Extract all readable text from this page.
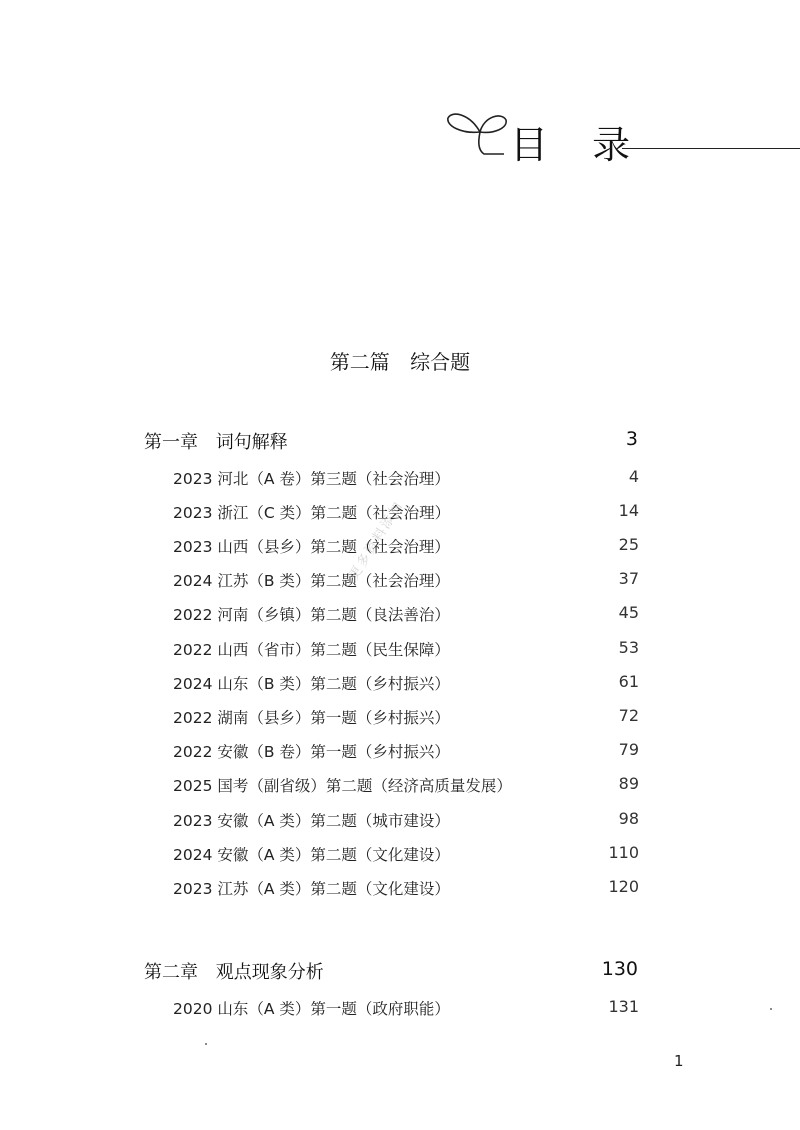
目 录
第二篇 综合题
更多资料添加
第一章 词句解释	3
2023 河北（A 卷）第三题（社会治理）	4
2023 浙江（C 类）第二题（社会治理）	14
2023 山西（县乡）第二题（社会治理）	25
2024 江苏（B 类）第二题（社会治理）	37
2022 河南（乡镇）第二题（良法善治）	45
2022 山西（省市）第二题（民生保障）	53
2024 山东（B 类）第二题（乡村振兴）	61
2022 湖南（县乡）第一题（乡村振兴）	72
2022 安徽（B 卷）第一题（乡村振兴）	79
2025 国考（副省级）第二题（经济高质量发展）	89
2023 安徽（A 类）第二题（城市建设）	98
2024 安徽（A 类）第二题（文化建设）	110
2023 江苏（A 类）第二题（文化建设）	120
第二章 观点现象分析	130
2020 山东（A 类）第一题（政府职能）	131
1
